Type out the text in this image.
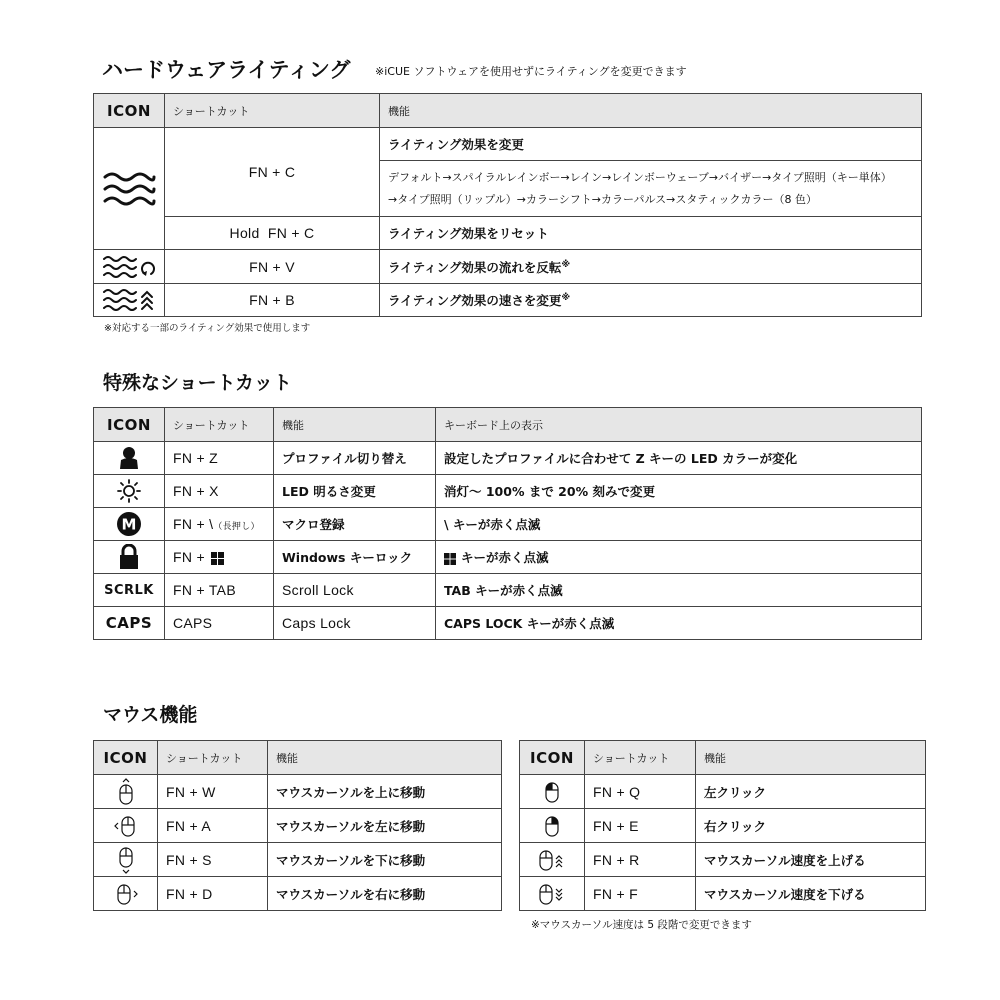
ハードウェアライティング ※iCUE ソフトウェアを使用せずにライティングを変更できます
ICON	ショートカット	機能
	FN + C	ライティング効果を変更

		デフォルト→スパイラルレインボー→レイン→レインボーウェーブ→バイザー→タイプ照明（キー単体）
→タイプ照明（リップル）→カラーシフト→カラーパルス→スタティックカラー（8 色）

	Hold  FN + C	ライティング効果をリセット
	FN + V	ライティング効果の流れを反転※
	FN + B	ライティング効果の速さを変更※
※対応する一部のライティング効果で使用します
特殊なショートカット
ICON	ショートカット	機能	キーボード上の表示
	FN + Z	プロファイル切り替え	設定したプロファイルに合わせて Z キーの LED カラーが変化
	FN + X	LED 明るさ変更	消灯〜 100% まで 20% 刻みで変更

M	FN + \（長押し）	マクロ登録	\ キーが赤く点滅
	FN +	Windows キーロック	キーが赤く点滅
SCRLK	FN + TAB	Scroll Lock	TAB キーが赤く点滅
CAPS	CAPS	Caps Lock	CAPS LOCK キーが赤く点滅
マウス機能
ICON	ショートカット	機能
	FN + W	マウスカーソルを上に移動
	FN + A	マウスカーソルを左に移動
	FN + S	マウスカーソルを下に移動
	FN + D	マウスカーソルを右に移動
ICON	ショートカット	機能
	FN + Q	左クリック
	FN + E	右クリック
	FN + R	マウスカーソル速度を上げる
	FN + F	マウスカーソル速度を下げる
※マウスカーソル速度は 5 段階で変更できます
